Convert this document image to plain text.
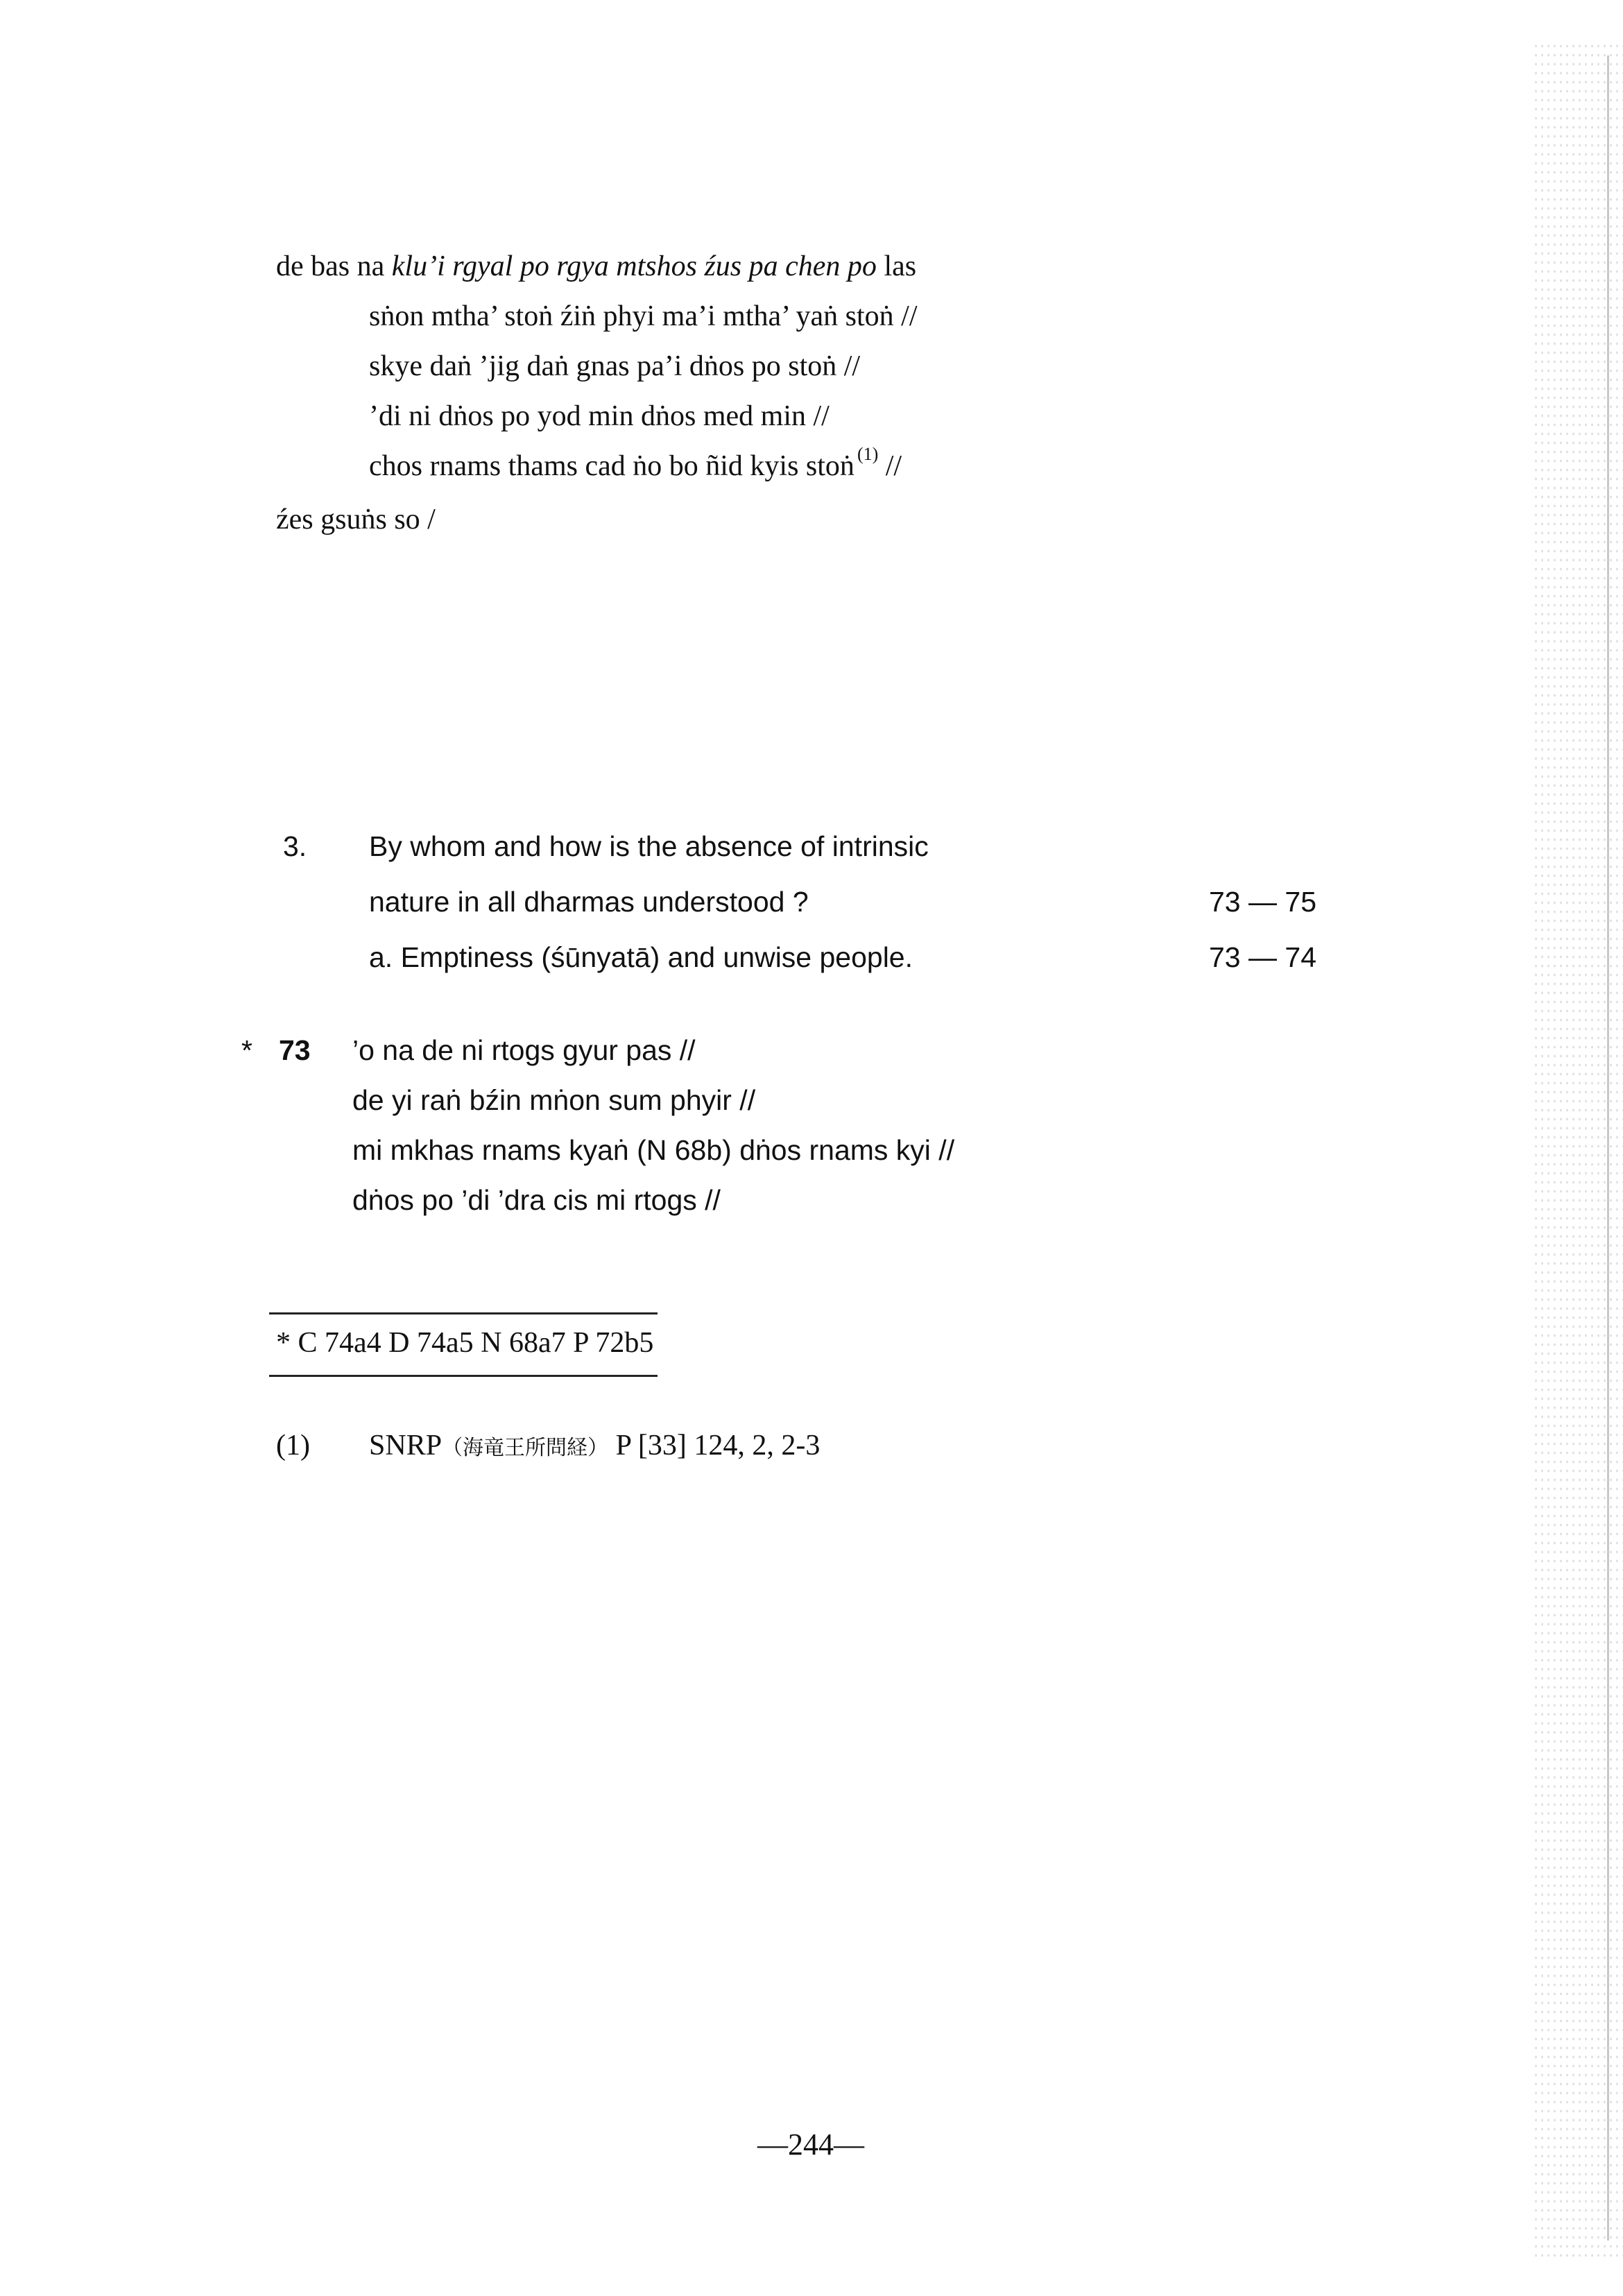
de bas na klu’i rgyal po rgya mtshos źus pa chen po las

sṅon mtha’ stoṅ źiṅ phyi ma’i mtha’ yaṅ stoṅ //

skye daṅ ’jig daṅ gnas pa’i dṅos po stoṅ //

’di ni dṅos po yod min dṅos med min //

chos rnams thams cad ṅo bo ñid kyis stoṅ $^{(1)}$ //

źes gsuṅs so /

3. By whom and how is the absence of intrinsic
nature in all dharmas understood ?	73 — 75
a. Emptiness (śūnyatā) and unwise people.	73 — 74
* 73 ’o na de ni rtogs gyur pas //
de yi raṅ bźin mṅon sum phyir //
mi mkhas rnams kyaṅ (N 68b) dṅos rnams kyi //
dṅos po ’di ’dra cis mi rtogs //
* C 74a4 D 74a5 N 68a7 P 72b5
(1) SNRP（海竜王所問経） P [33] 124, 2, 2-3
—244—
